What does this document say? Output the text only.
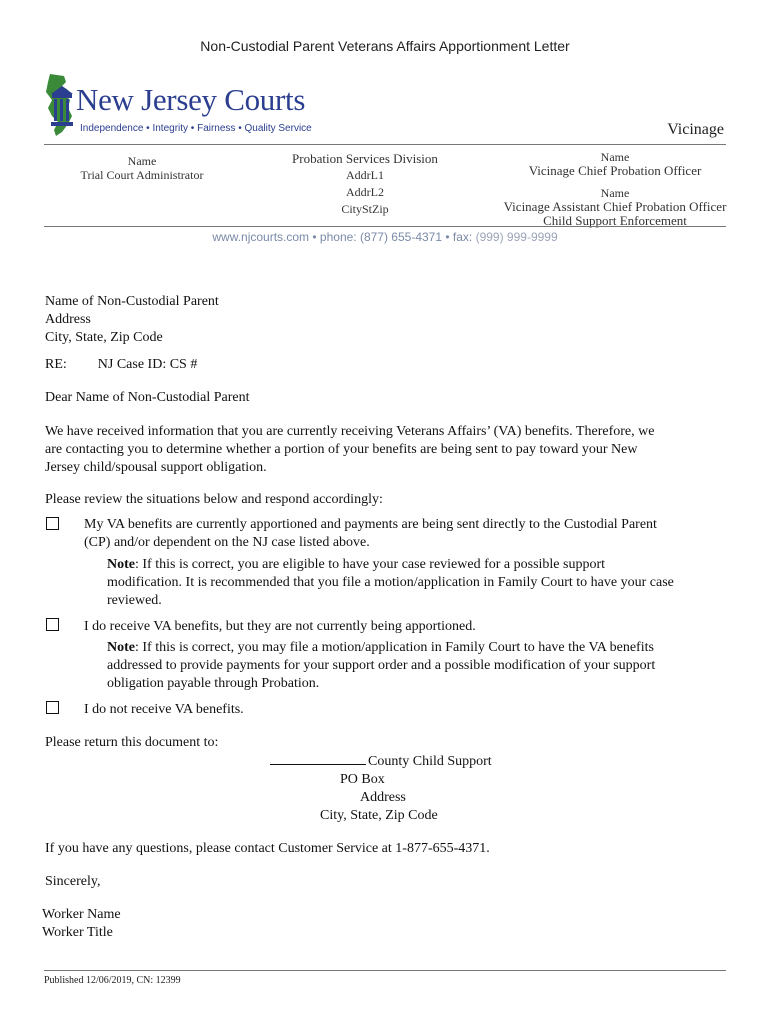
Non-Custodial Parent Veterans Affairs Apportionment Letter
New Jersey Courts
Independence • Integrity • Fairness • Quality Service	Vicinage
Name
Trial Court Administrator
Probation Services Division
AddrL1
AddrL2
CityStZip
Name
Vicinage Chief Probation Officer
Name
Vicinage Assistant Chief Probation Officer
Child Support Enforcement
www.njcourts.com • phone: (877) 655-4371 • fax: (999) 999-9999
Name of Non-Custodial Parent
Address
City, State, Zip Code
RE: NJ Case ID: CS #
Dear Name of Non-Custodial Parent
We have received information that you are currently receiving Veterans Affairs’ (VA) benefits. Therefore, we
are contacting you to determine whether a portion of your benefits are being sent to pay toward your New
Jersey child/spousal support obligation.
Please review the situations below and respond accordingly:
My VA benefits are currently apportioned and payments are being sent directly to the Custodial Parent
(CP) and/or dependent on the NJ case listed above.
Note: If this is correct, you are eligible to have your case reviewed for a possible support
modification. It is recommended that you file a motion/application in Family Court to have your case
reviewed.
I do receive VA benefits, but they are not currently being apportioned.
Note: If this is correct, you may file a motion/application in Family Court to have the VA benefits
addressed to provide payments for your support order and a possible modification of your support
obligation payable through Probation.
I do not receive VA benefits.
Please return this document to:
County Child Support
PO Box
Address
City, State, Zip Code
If you have any questions, please contact Customer Service at 1-877-655-4371.
Sincerely,
Worker Name
Worker Title
Published 12/06/2019, CN: 12399
